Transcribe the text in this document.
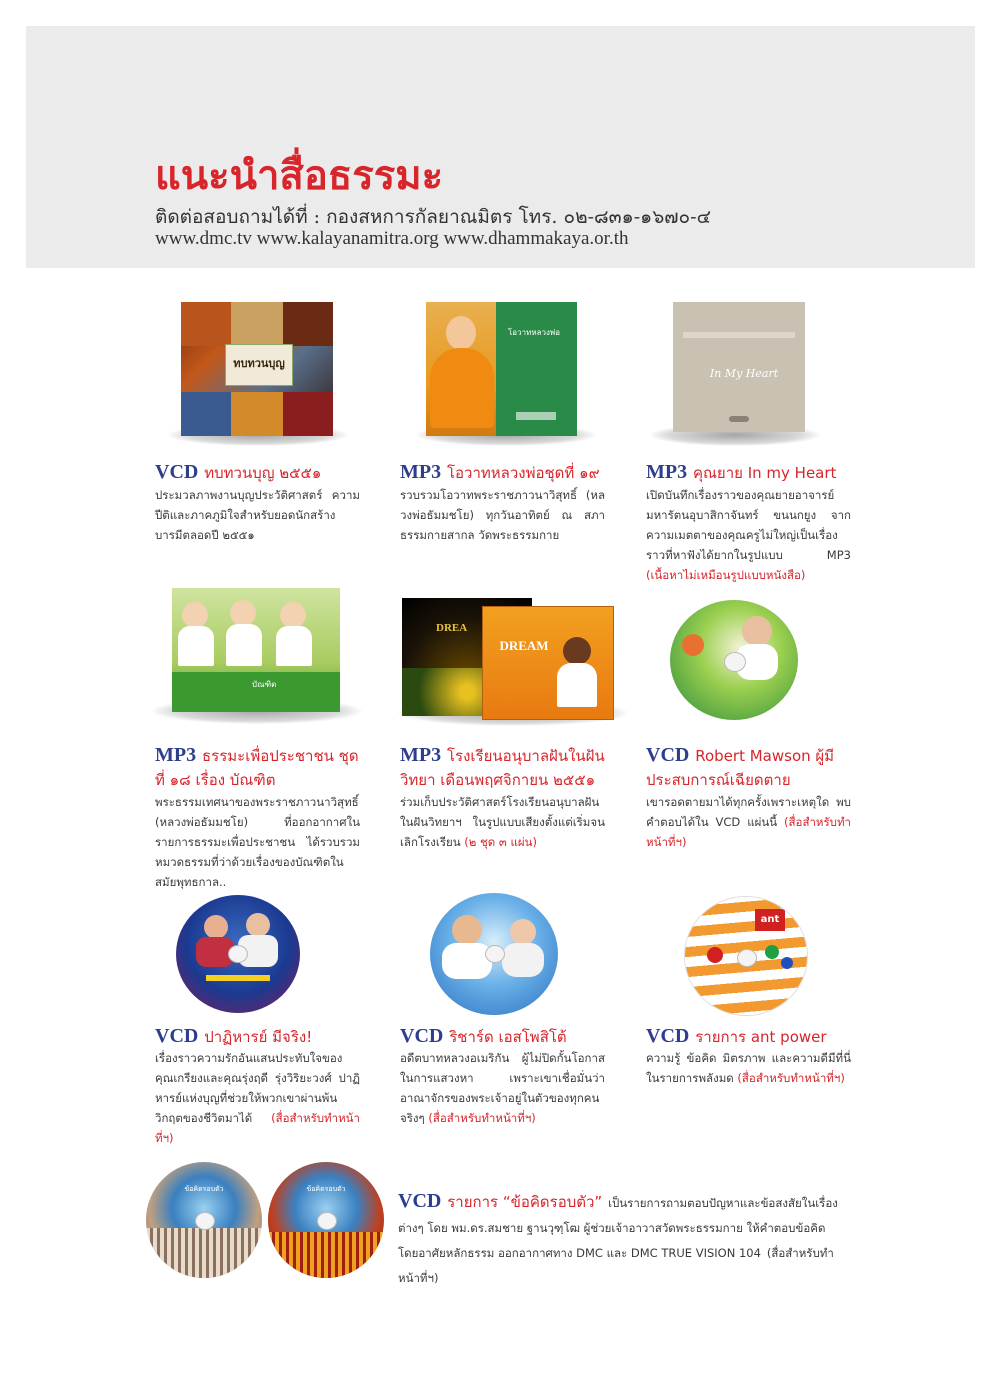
แนะนำสื่อธรรมะ
ติดต่อสอบถามได้ที่ : กองสหการกัลยาณมิตร โทร. ๐๒-๘๓๑-๑๖๗๐-๔
www.dmc.tv www.kalayanamitra.org www.dhammakaya.or.th
ทบทวนบุญ
VCD ทบทวนบุญ ๒๕๕๑
ประมวลภาพงานบุญประวัติศาสตร์ ความปีติและภาคภูมิใจสำหรับยอดนักสร้างบารมีตลอดปี ๒๕๕๑
โอวาทหลวงพ่อ
MP3 โอวาทหลวงพ่อชุดที่ ๑๙
รวบรวมโอวาทพระราชภาวนาวิสุทธิ์ (หลวงพ่อธัมมชโย) ทุกวันอาทิตย์ ณ สภาธรรมกายสากล วัดพระธรรมกาย
In My Heart
MP3 คุณยาย In my Heart
เปิดบันทึกเรื่องราวของคุณยายอาจารย์มหารัตนอุบาสิกาจันทร์ ขนนกยูง จากความเมตตาของคุณครูไม่ใหญ่เป็นเรื่องราวที่หาฟังได้ยากในรูปแบบ MP3 (เนื้อหาไม่เหมือนรูปแบบหนังสือ)
บัณฑิต
MP3 ธรรมะเพื่อประชาชน ชุดที่ ๑๘ เรื่อง บัณฑิต
พระธรรมเทศนาของพระราชภาวนาวิสุทธิ์ (หลวงพ่อธัมมชโย) ที่ออกอากาศในรายการธรรมะเพื่อประชาชน ได้รวบรวมหมวดธรรมที่ว่าด้วยเรื่องของบัณฑิตในสมัยพุทธกาล..
DREA
DREAM
MP3 โรงเรียนอนุบาลฝันในฝันวิทยา เดือนพฤศจิกายน ๒๕๕๑
ร่วมเก็บประวัติศาสตร์โรงเรียนอนุบาลฝันในฝันวิทยาฯ ในรูปแบบเสียงตั้งแต่เริ่มจนเลิกโรงเรียน (๒ ชุด ๓ แผ่น)
VCD Robert Mawson ผู้มีประสบการณ์เฉียดตาย
เขารอดตายมาได้ทุกครั้งเพราะเหตุใด พบคำตอบได้ใน VCD แผ่นนี้ (สื่อสำหรับทำหน้าที่ฯ)
VCD ปาฏิหารย์ มีจริง!
เรื่องราวความรักอันแสนประทับใจของคุณเกรียงและคุณรุ่งฤดี รุ่งวิริยะวงศ์ ปาฏิหารย์แห่งบุญที่ช่วยให้พวกเขาผ่านพ้นวิกฤตของชีวิตมาได้ (สื่อสำหรับทำหน้าที่ฯ)
VCD ริชาร์ด เอสโพสิโต้
อดีตบาทหลวงอเมริกัน ผู้ไม่ปิดกั้นโอกาสในการแสวงหา เพราะเขาเชื่อมั่นว่าอาณาจักรของพระเจ้าอยู่ในตัวของทุกคนจริงๆ (สื่อสำหรับทำหน้าที่ฯ)
ant
VCD รายการ ant power
ความรู้ ข้อคิด มิตรภาพ และความดีมีที่นี่ในรายการพลังมด (สื่อสำหรับทำหน้าที่ฯ)
ข้อคิดรอบตัว	ข้อคิดรอบตัว
VCD รายการ “ข้อคิดรอบตัว” เป็นรายการถามตอบปัญหาและข้อสงสัยในเรื่องต่างๆ โดย พม.ดร.สมชาย ฐานวุฑฺโฒ ผู้ช่วยเจ้าอาวาสวัดพระธรรมกาย ให้คำตอบข้อคิด โดยอาศัยหลักธรรม ออกอากาศทาง DMC และ DMC TRUE VISION 104 (สื่อสำหรับทำหน้าที่ฯ)
